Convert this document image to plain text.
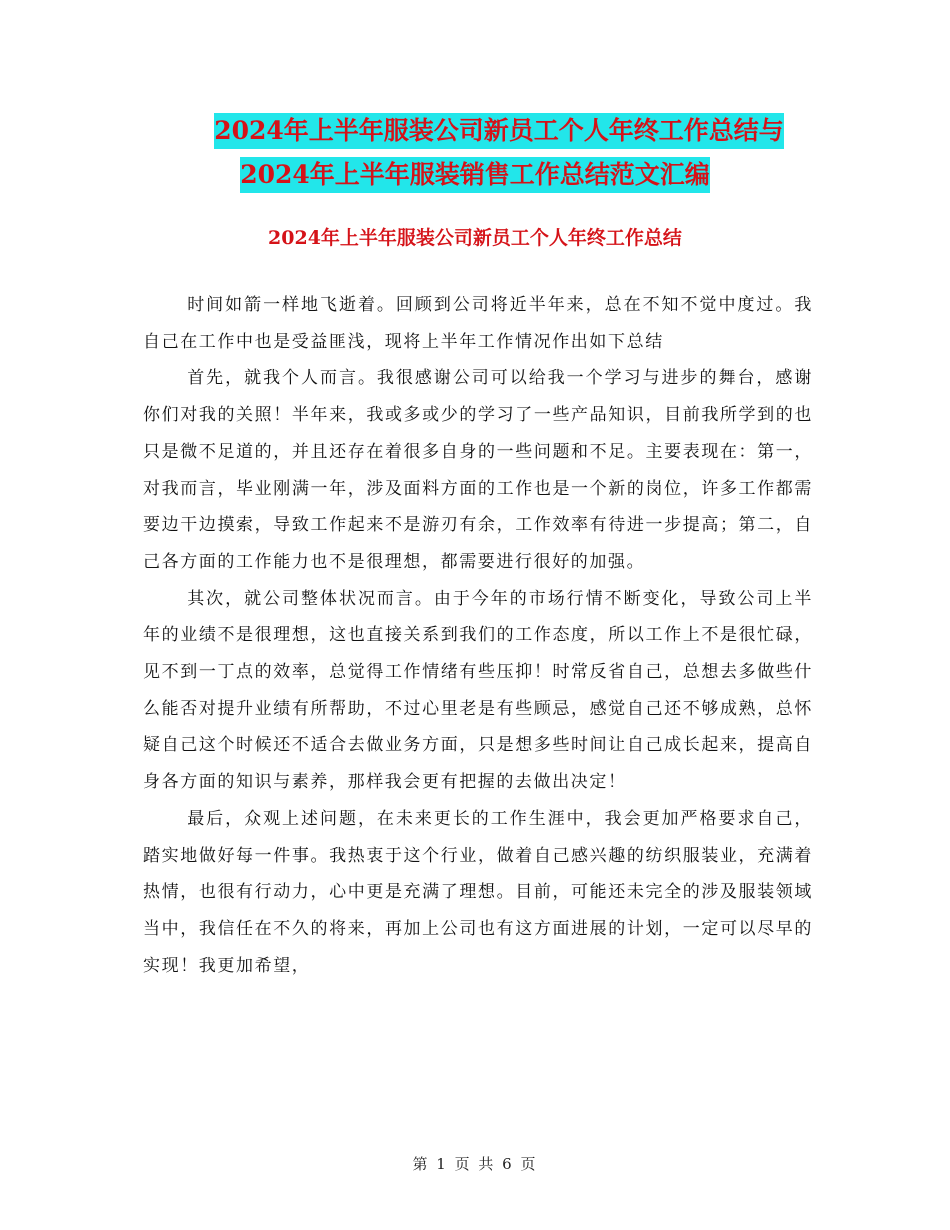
2024年上半年服装公司新员工个人年终工作总结与
2024年上半年服装销售工作总结范文汇编
2024年上半年服装公司新员工个人年终工作总结

时间如箭一样地飞逝着。回顾到公司将近半年来，总在不知不觉中度过。我自己在工作中也是受益匪浅，现将上半年工作情况作出如下总结

首先，就我个人而言。我很感谢公司可以给我一个学习与进步的舞台，感谢你们对我的关照！半年来，我或多或少的学习了一些产品知识，目前我所学到的也只是微不足道的，并且还存在着很多自身的一些问题和不足。主要表现在：第一，对我而言，毕业刚满一年，涉及面料方面的工作也是一个新的岗位，许多工作都需要边干边摸索，导致工作起来不是游刃有余，工作效率有待进一步提高；第二，自己各方面的工作能力也不是很理想，都需要进行很好的加强。

其次，就公司整体状况而言。由于今年的市场行情不断变化，导致公司上半年的业绩不是很理想，这也直接关系到我们的工作态度，所以工作上不是很忙碌，见不到一丁点的效率，总觉得工作情绪有些压抑！时常反省自己，总想去多做些什么能否对提升业绩有所帮助，不过心里老是有些顾忌，感觉自己还不够成熟，总怀疑自己这个时候还不适合去做业务方面，只是想多些时间让自己成长起来，提高自身各方面的知识与素养，那样我会更有把握的去做出决定！

最后，众观上述问题，在未来更长的工作生涯中，我会更加严格要求自己，踏实地做好每一件事。我热衷于这个行业，做着自己感兴趣的纺织服装业，充满着热情，也很有行动力，心中更是充满了理想。目前，可能还未完全的涉及服装领域当中，我信任在不久的将来，再加上公司也有这方面进展的计划，一定可以尽早的实现！我更加希望，

第 1 页 共 6 页
